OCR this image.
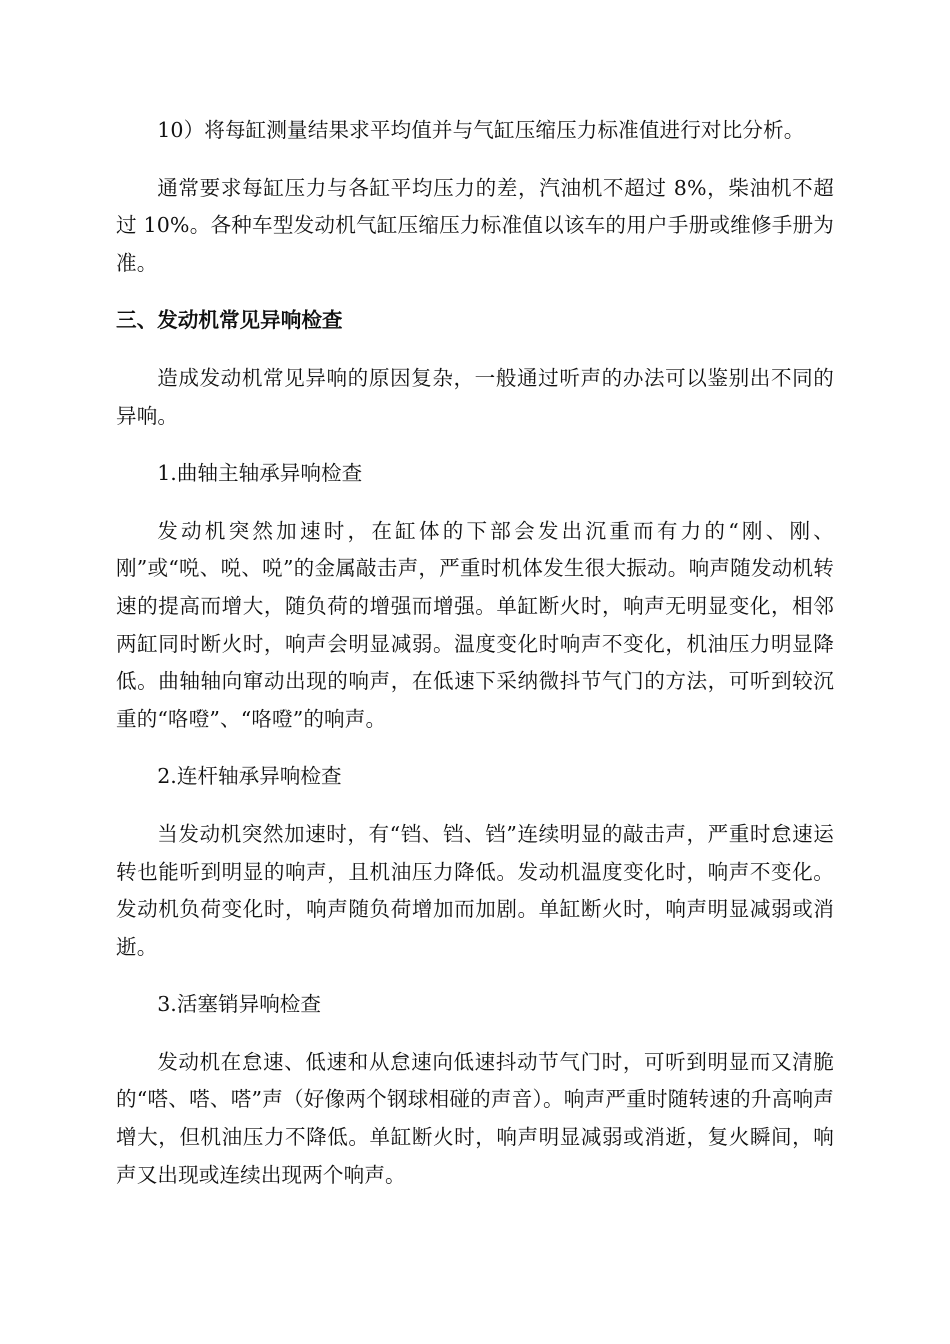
10）将每缸测量结果求平均值并与气缸压缩压力标准值进行对比分析。

通常要求每缸压力与各缸平均压力的差，汽油机不超过 8%，柴油机不超过 10%。各种车型发动机气缸压缩压力标准值以该车的用户手册或维修手册为准。

三、发动机常见异响检查

造成发动机常见异响的原因复杂，一般通过听声的办法可以鉴别出不同的异响。

1.曲轴主轴承异响检查

发动机突然加速时，在缸体的下部会发出沉重而有力的“刚、刚、刚”或“哾、哾、哾”的金属敲击声，严重时机体发生很大振动。响声随发动机转速的提高而增大，随负荷的增强而增强。单缸断火时，响声无明显变化，相邻两缸同时断火时，响声会明显减弱。温度变化时响声不变化，机油压力明显降低。曲轴轴向窜动出现的响声，在低速下采纳微抖节气门的方法，可听到较沉重的“咯噔”、“咯噔”的响声。

2.连杆轴承异响检查

当发动机突然加速时，有“铛、铛、铛”连续明显的敲击声，严重时怠速运转也能听到明显的响声，且机油压力降低。发动机温度变化时，响声不变化。发动机负荷变化时，响声随负荷增加而加剧。单缸断火时，响声明显减弱或消逝。

3.活塞销异响检查

发动机在怠速、低速和从怠速向低速抖动节气门时，可听到明显而又清脆的“嗒、嗒、嗒”声（好像两个钢球相碰的声音）。响声严重时随转速的升高响声增大，但机油压力不降低。单缸断火时，响声明显减弱或消逝，复火瞬间，响声又出现或连续出现两个响声。
